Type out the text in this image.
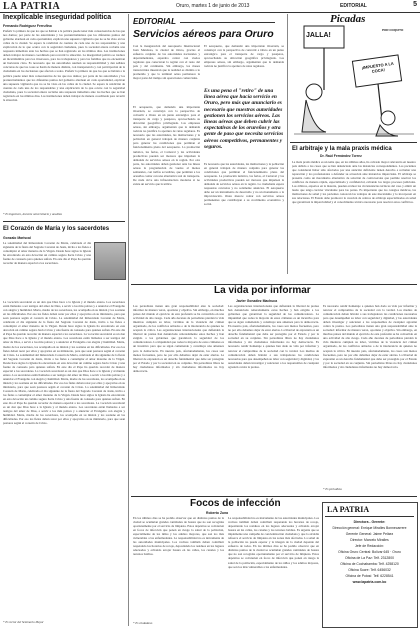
LA PATRIA	Oruro, martes 1 de junio de 2013	EDITORIAL	5
Inexplicable inseguridad política
Fernando Rodríguez Ferrufino
Preferir la primera de que los que se habían a la política puede tener más consecuencias de las que nos damos; por parte de las autoridades y los pronunciamientos que los diferentes puntos del gobierno alardean en cada oportunidad, explican una supuesta vigilancia que no se ha visto en las calles de la ciudad. Se espera la rendición de cuentas de cada uno de los responsables y una explicación de lo que ocurre con la seguridad ciudadana, pues la sociedad entera reclama una respuesta inmediata ante los hechos que se han registrado en los últimos días. Las instituciones deben trabajar de manera coordinada para revertir la situación. La inseguridad política se traduce en incertidumbre para los inversores, para los trabajadores y para las familias que no encuentran un horizonte claro. Es necesario que las autoridades asuman su responsabilidad y den señales concretas de que las cosas se harán de manera distinta, con transparencia y con participación de la ciudadanía en las decisiones que afectan a todos. Preferir la primera de que los que se habían a la política puede tener más consecuencias de las que nos damos; por parte de las autoridades y los pronunciamientos que los diferentes puntos del gobierno alardean en cada oportunidad, explican una supuesta vigilancia que no se ha visto en las calles de la ciudad. Se espera la rendición de cuentas de cada uno de los responsables y una explicación de lo que ocurre con la seguridad ciudadana, pues la sociedad entera reclama una respuesta inmediata ante los hechos que se han registrado en los últimos días. Las instituciones deben trabajar de manera coordinada para revertir la situación.
* Es Ingeniero, docente universitario y analista
El Corazón de María y los sacerdotes
Gonzalo Mariscal
La solemnidad del Inmaculado Corazón de María, celebrada el día siguiente de la fiesta del Sagrado Corazón de Jesús, invita a los fieles a contemplar el amor materno de la Virgen. Desde hace siglos la Iglesia ha encontrado en esta devoción un camino seguro hacia Cristo y una fuente de consuelo para quienes sufren. En este día el Papa ha querido recordar de manera especial a los sacerdotes.
La vocación sacerdotal es un don que Dios hace a la Iglesia y al mundo entero. Los sacerdotes están llamados a ser testigos del amor de Dios, a servir a los más pobres y a anunciar el Evangelio con alegría y humildad. María, madre de los sacerdotes, los acompaña en su misión y los sostiene en las dificultades. Por eso los fieles deben rezar por ellos y apoyarlos en su ministerio, para que sean pastores según el corazón de Cristo. La solemnidad del Inmaculado Corazón de María, celebrada el día siguiente de la fiesta del Sagrado Corazón de Jesús, invita a los fieles a contemplar el amor materno de la Virgen. Desde hace siglos la Iglesia ha encontrado en esta devoción un camino seguro hacia Cristo y una fuente de consuelo para quienes sufren. En este día el Papa ha querido recordar de manera especial a los sacerdotes. La vocación sacerdotal es un don que Dios hace a la Iglesia y al mundo entero. Los sacerdotes están llamados a ser testigos del amor de Dios, a servir a los más pobres y a anunciar el Evangelio con alegría y humildad. María, madre de los sacerdotes, los acompaña en su misión y los sostiene en las dificultades. Por eso los fieles deben rezar por ellos y apoyarlos en su ministerio, para que sean pastores según el corazón de Cristo. La solemnidad del Inmaculado Corazón de María, celebrada el día siguiente de la fiesta del Sagrado Corazón de Jesús, invita a los fieles a contemplar el amor materno de la Virgen. Desde hace siglos la Iglesia ha encontrado en esta devoción un camino seguro hacia Cristo y una fuente de consuelo para quienes sufren. En este día el Papa ha querido recordar de manera especial a los sacerdotes. La vocación sacerdotal es un don que Dios hace a la Iglesia y al mundo entero. Los sacerdotes están llamados a ser testigos del amor de Dios, a servir a los más pobres y a anunciar el Evangelio con alegría y humildad. María, madre de los sacerdotes, los acompaña en su misión y los sostiene en las dificultades. Por eso los fieles deben rezar por ellos y apoyarlos en su ministerio, para que sean pastores según el corazón de Cristo. La solemnidad del Inmaculado Corazón de María, celebrada el día siguiente de la fiesta del Sagrado Corazón de Jesús, invita a los fieles a contemplar el amor materno de la Virgen. Desde hace siglos la Iglesia ha encontrado en esta devoción un camino seguro hacia Cristo y una fuente de consuelo para quienes sufren. En este día el Papa ha querido recordar de manera especial a los sacerdotes. La vocación sacerdotal es un don que Dios hace a la Iglesia y al mundo entero. Los sacerdotes están llamados a ser testigos del amor de Dios, a servir a los más pobres y a anunciar el Evangelio con alegría y humildad. María, madre de los sacerdotes, los acompaña en su misión y los sostiene en las dificultades. Por eso los fieles deben rezar por ellos y apoyarlos en su ministerio, para que sean pastores según el corazón de Cristo.
* Es rector del Seminario Mayor
EDITORIAL
Servicios aéreos para Oruro
Con la inauguración del Aeropuerto Internacional Juan Mendoza, la ciudad de Oruro, gracias al esfuerzo conjunto de las autoridades nacionales y departamentales, esperaba contar con vuelos regulares que conectaran la región con el resto del país y del continente. Sin embargo, los meses transcurridos muestran que la realidad es distinta a lo prometido y que la terminal aérea permanece la mayor parte del tiempo sin operaciones comerciales.
Es una pena el "retiro" de una línea aérea que hacía servicio en Oruro, pero más que anunciarlo es necesario que nuestras autoridades gestionen los servicios aéreos. Las líneas aéreas que deben cubrir las expectativas de los orureños y otra gente de paso que necesita servicios aéreos competitivos, permanentes y seguros.
El aeropuerto, que demandó una importante inversión, se construyó con la perspectiva de convertir a Oruro en un punto estratégico para el transporte de carga y pasajeros, aprovechando su ubicación geográfica privilegiada. Las empresas aéreas, sin embargo, argumentan que la demanda todavía no justifica la apertura de rutas regulares. Es necesario que las autoridades, las instituciones y la población en general trabajen de manera conjunta para generar las condiciones que permitan el funcionamiento pleno del aeropuerto. La promoción turística, las ferias, el Carnaval y las actividades productivas pueden ser motores que impulsen la demanda de servicios aéreos en la región. Por otra parte, las autoridades deben gestionar ante las líneas aéreas la programación de vuelos al menos semanales, con tarifas accesibles, que permitan a los orureños contar con una alternativa real de transporte. De nada sirve una infraestructura moderna si no existe un servicio que la utilice.
El aeropuerto, que demandó una importante inversión, se construyó con la perspectiva de convertir a Oruro en un punto estratégico para el transporte de carga y pasajeros, aprovechando su ubicación geográfica privilegiada. Las empresas aéreas, sin embargo, argumentan que la demanda todavía no justifica la apertura de rutas regulares.
Es necesario que las autoridades, las instituciones y la población en general trabajen de manera conjunta para generar las condiciones que permitan el funcionamiento pleno del aeropuerto. La promoción turística, las ferias, el Carnaval y las actividades productivas pueden ser motores que impulsen la demanda de servicios aéreos en la región. La ciudadanía espera respuestas concretas y no solamente anuncios. El aeropuerto debe ser un instrumento de desarrollo y no un monumento a la improvisación. Oruro merece contar con servicios aéreos permanentes que contribuyan a su crecimiento económico y social.
Picadas
POR COQUITO
JALLA!
¡IMPUESTO A LA COCA!
El arbitraje y la mala praxis médica
Dr. Raúl Fernández Torrez
La mala praxis médica es un tema que, en los últimos años, ha cobrado mayor relevancia en nuestro país debido a los casos que se han denunciado ante las instancias correspondientes. Los pacientes que consideran haber sido afectados por una atención deficiente tienen derecho a reclamar una reparación y los profesionales a defender su actuación ante instancias imparciales. El arbitraje se presenta como un mecanismo alternativo de solución de controversias que permite resolver los conflictos de manera rápida, especializada y confidencial, evitando los largos procesos judiciales. Los árbitros, expertos en la materia, pueden evaluar las circunstancias técnicas del caso y emitir un laudo que tenga carácter vinculante para las partes. Es importante que los colegios médicos, las instituciones de salud y los pacientes conozcan las ventajas de este mecanismo y lo incorporen en sus relaciones. El Estado debe promover la creación de centros de arbitraje especializados en salud que garanticen la imparcialidad y el conocimiento técnico necesario para resolver estos conflictos.
La vida por informar
Javier González Machuca
Los periodistas tienen una gran responsabilidad ante la sociedad: informar de manera veraz, oportuna y objetiva. Sin embargo, en muchos países del mundo el ejercicio de esta profesión se ha convertido en una actividad de alto riesgo. Cada año decenas de periodistas pierden la vida mientras cumplen su labor, víctimas de la violencia del crimen organizado, de los conflictos armados o de la intolerancia de quienes no aceptan la crítica. Las organizaciones internacionales que defienden la libertad de prensa han denunciado reiteradamente estos hechos y han exigido a los gobiernos que garanticen la seguridad de los comunicadores. La impunidad que rodea la mayoría de estos crímenes es un incentivo para que se sigan cometiendo y constituye una amenaza para la democracia. En nuestro país, afortunadamente, los casos son menos frecuentes, pero no por ello debemos dejar de estar alertas. La libertad de expresión es un derecho fundamental que debe ser protegido por el Estado y por la sociedad en su conjunto. Sin periodistas libres no hay ciudadanos informados y sin ciudadanos informados no hay democracia.
Las organizaciones internacionales que defienden la libertad de prensa han denunciado reiteradamente estos hechos y han exigido a los gobiernos que garanticen la seguridad de los comunicadores. La impunidad que rodea la mayoría de estos crímenes es un incentivo para que se sigan cometiendo y constituye una amenaza para la democracia. En nuestro país, afortunadamente, los casos son menos frecuentes, pero no por ello debemos dejar de estar alertas. La libertad de expresión es un derecho fundamental que debe ser protegido por el Estado y por la sociedad en su conjunto. Sin periodistas libres no hay ciudadanos informados y sin ciudadanos informados no hay democracia. Es necesario rendir homenaje a quienes han dado su vida por informar y renovar el compromiso de la sociedad con la verdad. Los medios de comunicación deben brindar a sus trabajadores las condiciones necesarias para que desempeñen su labor con seguridad y dignidad, y las autoridades deben investigar y sancionar a los responsables de cualquier agresión contra la prensa.
Es necesario rendir homenaje a quienes han dado su vida por informar y renovar el compromiso de la sociedad con la verdad. Los medios de comunicación deben brindar a sus trabajadores las condiciones necesarias para que desempeñen su labor con seguridad y dignidad, y las autoridades deben investigar y sancionar a los responsables de cualquier agresión contra la prensa. Los periodistas tienen una gran responsabilidad ante la sociedad: informar de manera veraz, oportuna y objetiva. Sin embargo, en muchos países del mundo el ejercicio de esta profesión se ha convertido en una actividad de alto riesgo. Cada año decenas de periodistas pierden la vida mientras cumplen su labor, víctimas de la violencia del crimen organizado, de los conflictos armados o de la intolerancia de quienes no aceptan la crítica. En nuestro país, afortunadamente, los casos son menos frecuentes, pero no por ello debemos dejar de estar alertas. La libertad de expresión es un derecho fundamental que debe ser protegido por el Estado y por la sociedad en su conjunto. Sin periodistas libres no hay ciudadanos informados y sin ciudadanos informados no hay democracia.
* Es periodista
Focos de infección
Roberto Zuna
En los últimos días se ha podido observar que en distintos puntos de la ciudad se acumulan grandes cantidades de basura que no son recogidas oportunamente por el servicio de limpieza. Estos depósitos se convierten en focos de infección que ponen en riesgo la salud de la población, especialmente de los niños y los adultos mayores, que son los más vulnerables a las enfermedades. La responsabilidad no es únicamente de las autoridades municipales. Los vecinos también deben contribuir respetando los horarios de recojo, depositando los residuos en los lugares adecuados y evitando arrojar basura en las calles, los canales y los terrenos baldíos.
La responsabilidad no es únicamente de las autoridades municipales. Los vecinos también deben contribuir respetando los horarios de recojo, depositando los residuos en los lugares adecuados y evitando arrojar basura en las calles, los canales y los terrenos baldíos. Es urgente que se implemente una campaña de concientización ciudadana y que la alcaldía refuerce el servicio de limpieza en las zonas más afectadas. La salud de la población no puede esperar y la imagen de la ciudad depende del esfuerzo de todos. En los últimos días se ha podido observar que en distintos puntos de la ciudad se acumulan grandes cantidades de basura que no son recogidas oportunamente por el servicio de limpieza. Estos depósitos se convierten en focos de infección que ponen en riesgo la salud de la población, especialmente de los niños y los adultos mayores, que son los más vulnerables a las enfermedades.
* Es ciudadano
LA PATRIA
Directora - Gerente:
Dirección general: Enrique Miralles Bonnecarrere
Gerente General: Jaime Peláez
Director: Marcelo Miralles
Jefe de Redacción:
Oficina Oruro Central: Bolívar 645 · Oruro
Oficina de La Paz: Telf. 2312800
Oficina de Cochabamba: Telf. 4258120
Oficina Sucre: Telf. 6456032
Oficina de Potosí: Telf. 6228541
www.lapatria.com.bo
